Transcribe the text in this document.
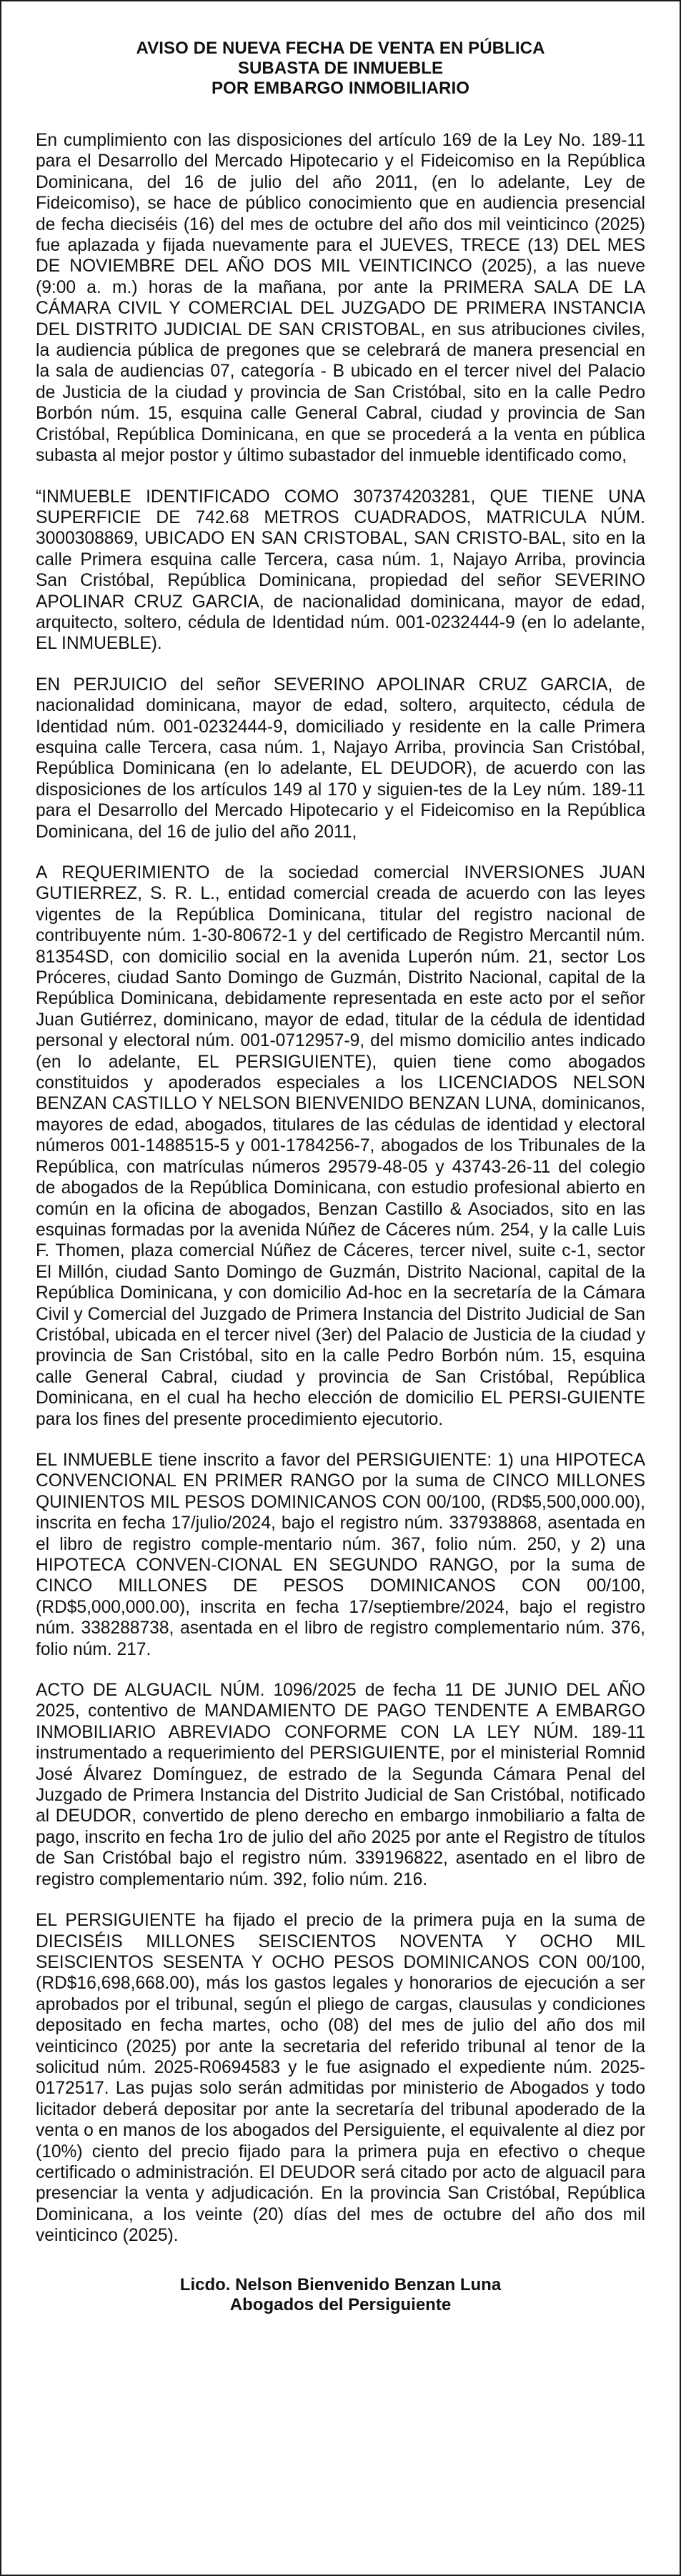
AVISO DE NUEVA FECHA DE VENTA EN PÚBLICA
SUBASTA DE INMUEBLE
POR EMBARGO INMOBILIARIO

En cumplimiento con las disposiciones del artículo 169 de la Ley No. 189-11 para el Desarrollo del Mercado Hipotecario y el Fideicomiso en la República Dominicana, del 16 de julio del año 2011, (en lo adelante, Ley de Fideicomiso), se hace de público conocimiento que en audiencia presencial de fecha dieciséis (16) del mes de octubre del año dos mil veinticinco (2025) fue aplazada y fijada nuevamente para el JUEVES, TRECE (13) DEL MES DE NOVIEMBRE DEL AÑO DOS MIL VEINTICINCO (2025), a las nueve (9:00 a. m.) horas de la mañana, por ante la PRIMERA SALA DE LA CÁMARA CIVIL Y COMERCIAL DEL JUZGADO DE PRIMERA INSTANCIA DEL DISTRITO JUDICIAL DE SAN CRISTOBAL, en sus atribuciones civiles, la audiencia pública de pregones que se celebrará de manera presencial en la sala de audiencias 07, categoría - B ubicado en el tercer nivel del Palacio de Justicia de la ciudad y provincia de San Cristóbal, sito en la calle Pedro Borbón núm. 15, esquina calle General Cabral, ciudad y provincia de San Cristóbal, República Dominicana, en que se procederá a la venta en pública subasta al mejor postor y último subastador del inmueble identificado como,

“INMUEBLE IDENTIFICADO COMO 307374203281, QUE TIENE UNA SUPERFICIE DE 742.68 METROS CUADRADOS, MATRICULA NÚM. 3000308869, UBICADO EN SAN CRISTOBAL, SAN CRISTO-BAL, sito en la calle Primera esquina calle Tercera, casa núm. 1, Najayo Arriba, provincia San Cristóbal, República Dominicana, propiedad del señor SEVERINO APOLINAR CRUZ GARCIA, de nacionalidad dominicana, mayor de edad, arquitecto, soltero, cédula de Identidad núm. 001-0232444-9 (en lo adelante, EL INMUEBLE).

EN PERJUICIO del señor SEVERINO APOLINAR CRUZ GARCIA, de nacionalidad dominicana, mayor de edad, soltero, arquitecto, cédula de Identidad núm. 001-0232444-9, domiciliado y residente en la calle Primera esquina calle Tercera, casa núm. 1, Najayo Arriba, provincia San Cristóbal, República Dominicana (en lo adelante, EL DEUDOR), de acuerdo con las disposiciones de los artículos 149 al 170 y siguien-tes de la Ley núm. 189-11 para el Desarrollo del Mercado Hipotecario y el Fideicomiso en la República Dominicana, del 16 de julio del año 2011,

A REQUERIMIENTO de la sociedad comercial INVERSIONES JUAN GUTIERREZ, S. R. L., entidad comercial creada de acuerdo con las leyes vigentes de la República Dominicana, titular del registro nacional de contribuyente núm. 1-30-80672-1 y del certificado de Registro Mercantil núm. 81354SD, con domicilio social en la avenida Luperón núm. 21, sector Los Próceres, ciudad Santo Domingo de Guzmán, Distrito Nacional, capital de la República Dominicana, debidamente representada en este acto por el señor Juan Gutiérrez, dominicano, mayor de edad, titular de la cédula de identidad personal y electoral núm. 001-0712957-9, del mismo domicilio antes indicado (en lo adelante, EL PERSIGUIENTE), quien tiene como abogados constituidos y apoderados especiales a los LICENCIADOS NELSON BENZAN CASTILLO Y NELSON BIENVENIDO BENZAN LUNA, dominicanos, mayores de edad, abogados, titulares de las cédulas de identidad y electoral números 001-1488515-5 y 001-1784256-7, abogados de los Tribunales de la República, con matrículas números 29579-48-05 y 43743-26-11 del colegio de abogados de la República Dominicana, con estudio profesional abierto en común en la oficina de abogados, Benzan Castillo & Asociados, sito en las esquinas formadas por la avenida Núñez de Cáceres núm. 254, y la calle Luis F. Thomen, plaza comercial Núñez de Cáceres, tercer nivel, suite c-1, sector El Millón, ciudad Santo Domingo de Guzmán, Distrito Nacional, capital de la República Dominicana, y con domicilio Ad-hoc en la secretaría de la Cámara Civil y Comercial del Juzgado de Primera Instancia del Distrito Judicial de San Cristóbal, ubicada en el tercer nivel (3er) del Palacio de Justicia de la ciudad y provincia de San Cristóbal, sito en la calle Pedro Borbón núm. 15, esquina calle General Cabral, ciudad y provincia de San Cristóbal, República Dominicana, en el cual ha hecho elección de domicilio EL PERSI-GUIENTE para los fines del presente procedimiento ejecutorio.

EL INMUEBLE tiene inscrito a favor del PERSIGUIENTE: 1) una HIPOTECA CONVENCIONAL EN PRIMER RANGO por la suma de CINCO MILLONES QUINIENTOS MIL PESOS DOMINICANOS CON 00/100, (RD$5,500,000.00), inscrita en fecha 17/julio/2024, bajo el registro núm. 337938868, asentada en el libro de registro comple-mentario núm. 367, folio núm. 250, y 2) una HIPOTECA CONVEN-CIONAL EN SEGUNDO RANGO, por la suma de CINCO MILLONES DE PESOS DOMINICANOS CON 00/100, (RD$5,000,000.00), inscrita en fecha 17/septiembre/2024, bajo el registro núm. 338288738, asentada en el libro de registro complementario núm. 376, folio núm. 217.

ACTO DE ALGUACIL NÚM. 1096/2025 de fecha 11 DE JUNIO DEL AÑO 2025, contentivo de MANDAMIENTO DE PAGO TENDENTE A EMBARGO INMOBILIARIO ABREVIADO CONFORME CON LA LEY NÚM. 189-11 instrumentado a requerimiento del PERSIGUIENTE, por el ministerial Romnid José Álvarez Domínguez, de estrado de la Segunda Cámara Penal del Juzgado de Primera Instancia del Distrito Judicial de San Cristóbal, notificado al DEUDOR, convertido de pleno derecho en embargo inmobiliario a falta de pago, inscrito en fecha 1ro de julio del año 2025 por ante el Registro de títulos de San Cristóbal bajo el registro núm. 339196822, asentado en el libro de registro complementario núm. 392, folio núm. 216.

EL PERSIGUIENTE ha fijado el precio de la primera puja en la suma de DIECISÉIS MILLONES SEISCIENTOS NOVENTA Y OCHO MIL SEISCIENTOS SESENTA Y OCHO PESOS DOMINICANOS CON 00/100, (RD$16,698,668.00), más los gastos legales y honorarios de ejecución a ser aprobados por el tribunal, según el pliego de cargas, clausulas y condiciones depositado en fecha martes, ocho (08) del mes de julio del año dos mil veinticinco (2025) por ante la secretaria del referido tribunal al tenor de la solicitud núm. 2025-R0694583 y le fue asignado el expediente núm. 2025-0172517. Las pujas solo serán admitidas por ministerio de Abogados y todo licitador deberá depositar por ante la secretaría del tribunal apoderado de la venta o en manos de los abogados del Persiguiente, el equivalente al diez por (10%) ciento del precio fijado para la primera puja en efectivo o cheque certificado o administración. El DEUDOR será citado por acto de alguacil para presenciar la venta y adjudicación. En la provincia San Cristóbal, República Dominicana, a los veinte (20) días del mes de octubre del año dos mil veinticinco (2025).

Licdo. Nelson Bienvenido Benzan Luna
Abogados del Persiguiente
